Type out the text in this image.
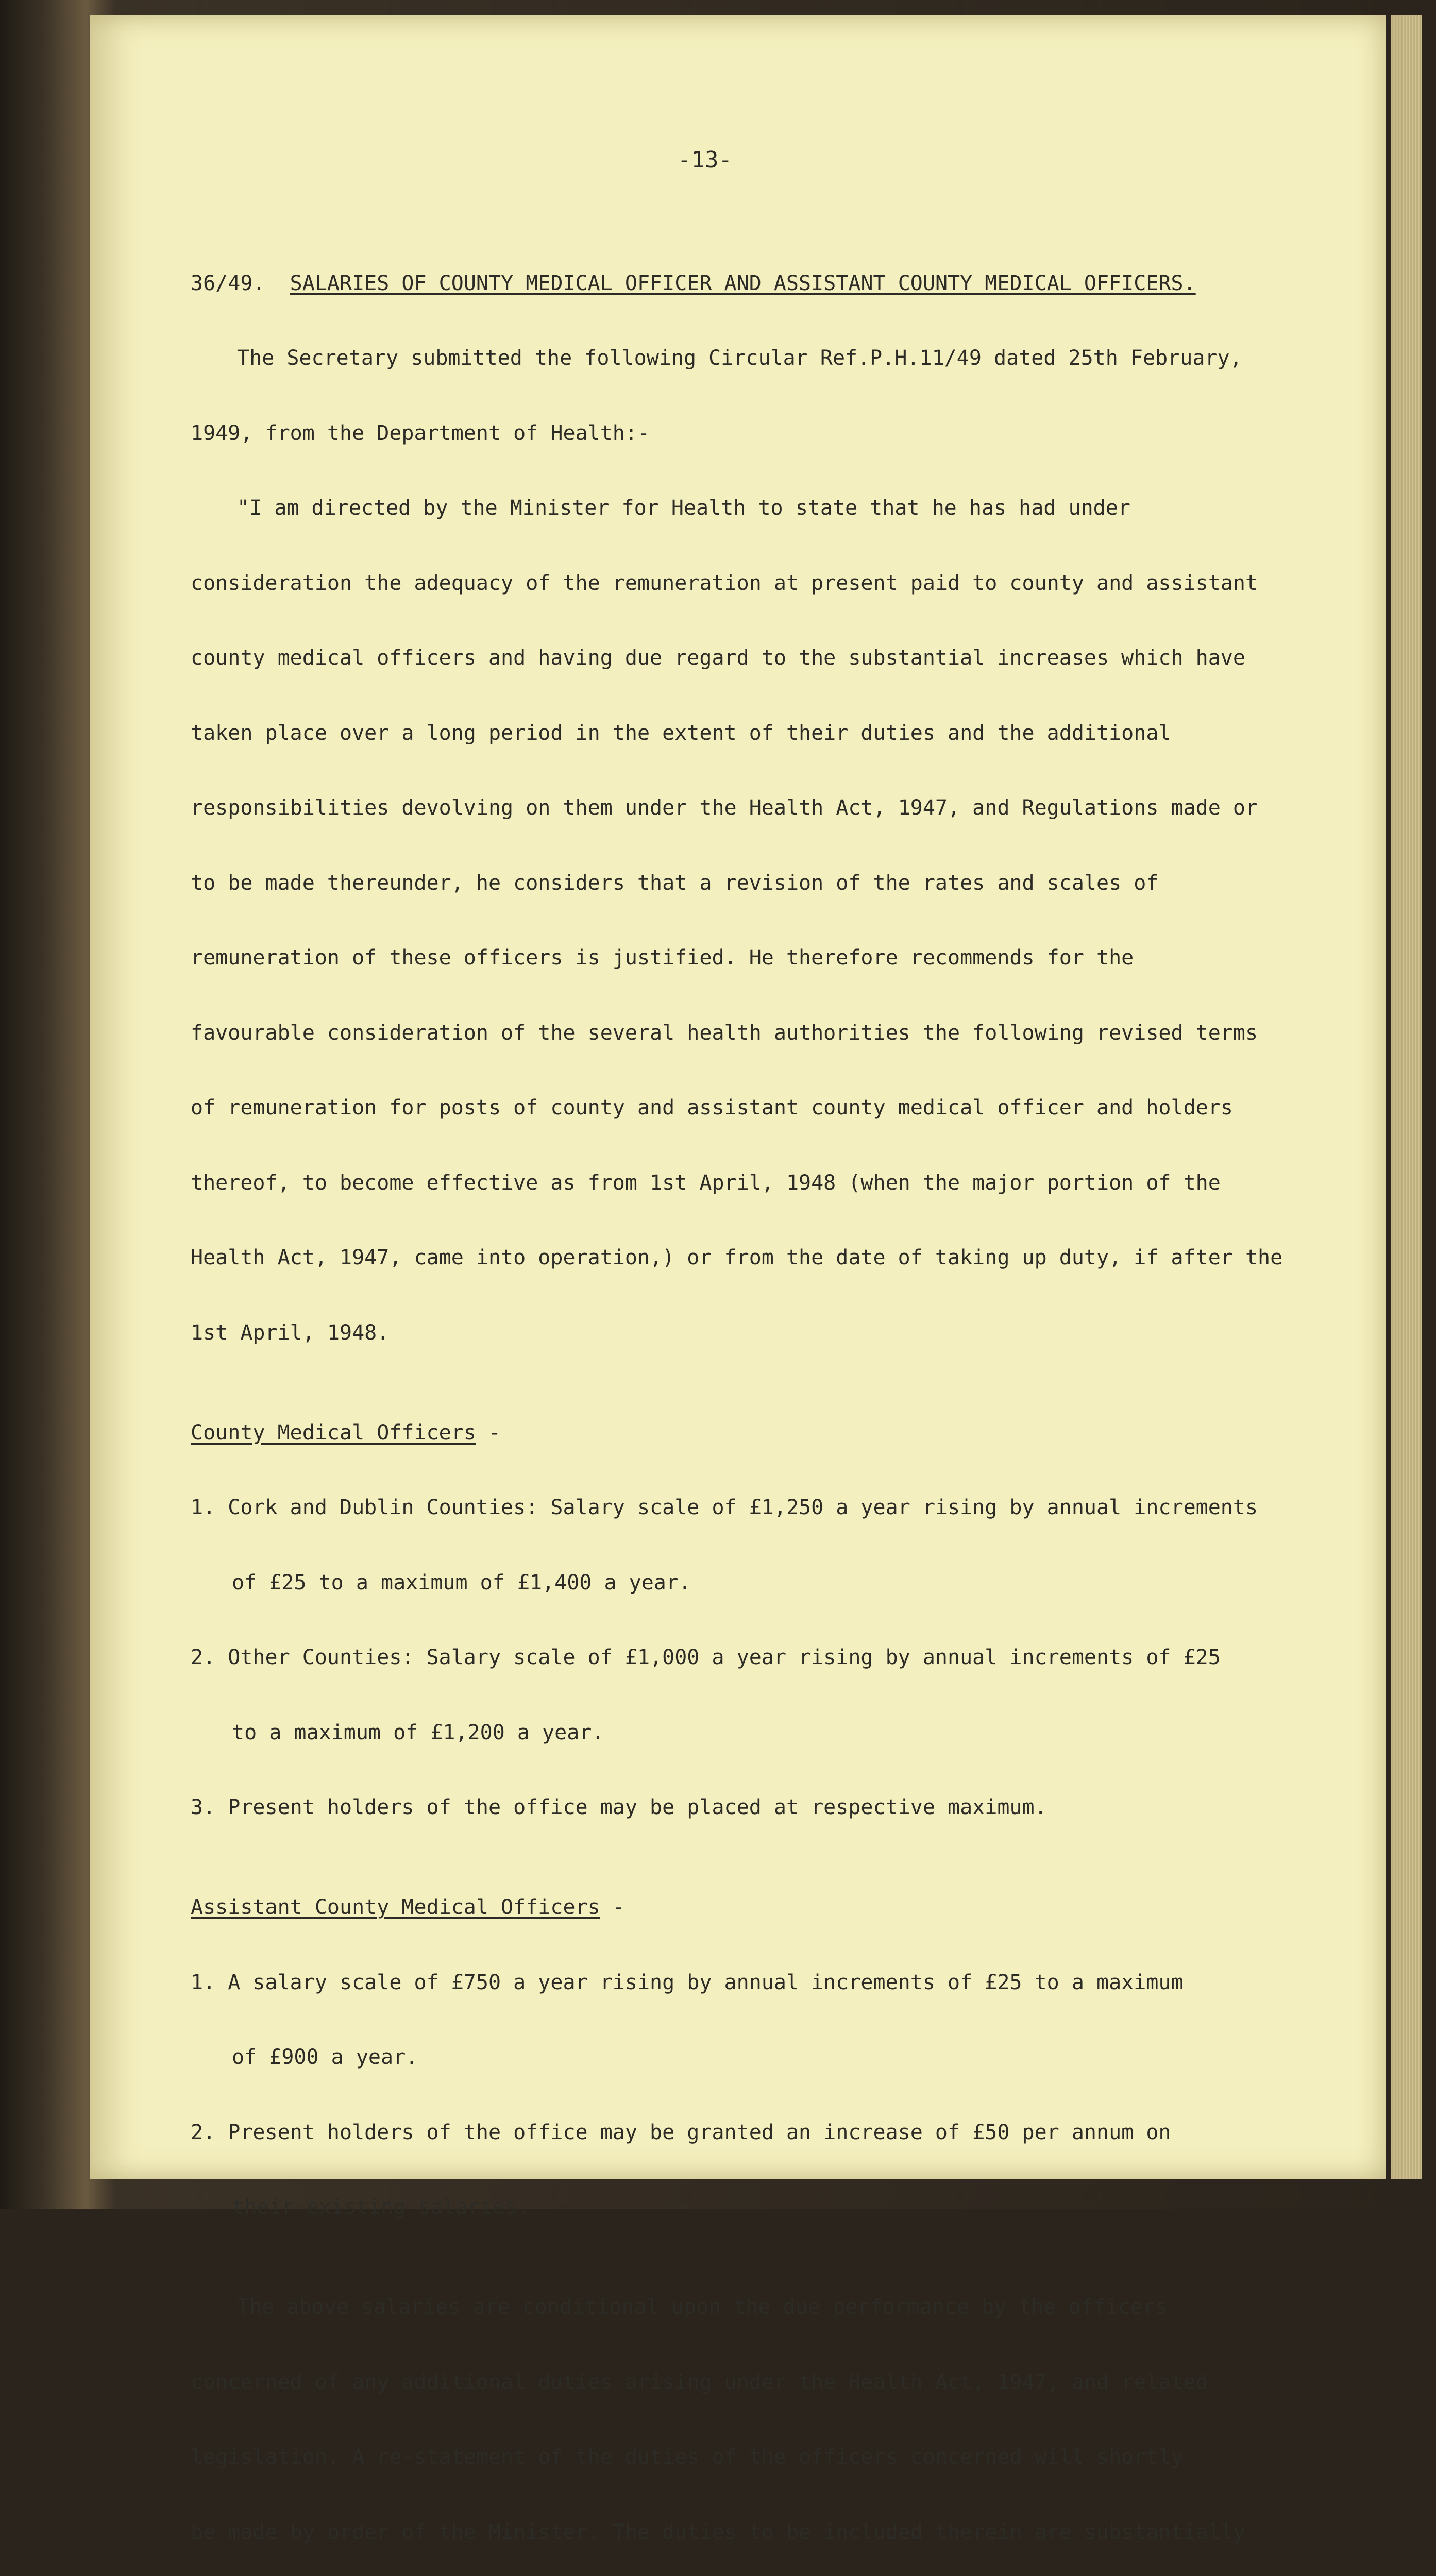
-13-

36/49. SALARIES OF COUNTY MEDICAL OFFICER AND ASSISTANT COUNTY MEDICAL OFFICERS.

The Secretary submitted the following Circular Ref.P.H.11/49 dated 25th February,

1949, from the Department of Health:-

"I am directed by the Minister for Health to state that he has had under

consideration the adequacy of the remuneration at present paid to county and assistant

county medical officers and having due regard to the substantial increases which have

taken place over a long period in the extent of their duties and the additional

responsibilities devolving on them under the Health Act, 1947, and Regulations made or

to be made thereunder, he considers that a revision of the rates and scales of

remuneration of these officers is justified. He therefore recommends for the

favourable consideration of the several health authorities the following revised terms

of remuneration for posts of county and assistant county medical officer and holders

thereof, to become effective as from 1st April, 1948 (when the major portion of the

Health Act, 1947, came into operation,) or from the date of taking up duty, if after the

1st April, 1948.

County Medical Officers -

1. Cork and Dublin Counties: Salary scale of £1,250 a year rising by annual increments

of £25 to a maximum of £1,400 a year.

2. Other Counties: Salary scale of £1,000 a year rising by annual increments of £25

to a maximum of £1,200 a year.

3. Present holders of the office may be placed at respective maximum.

Assistant County Medical Officers -

1. A salary scale of £750 a year rising by annual increments of £25 to a maximum

of £900 a year.

2. Present holders of the office may be granted an increase of £50 per annum on

their existing salaries.

The above salaries are conditional upon the due performance by the officers

concerned of any additional duties arising under the Health Act, 1947, and related

legislation. A re-statement of the duties of the officers concerned will shortly

be made by order of the Minister. The duties to be included therein are substantially
